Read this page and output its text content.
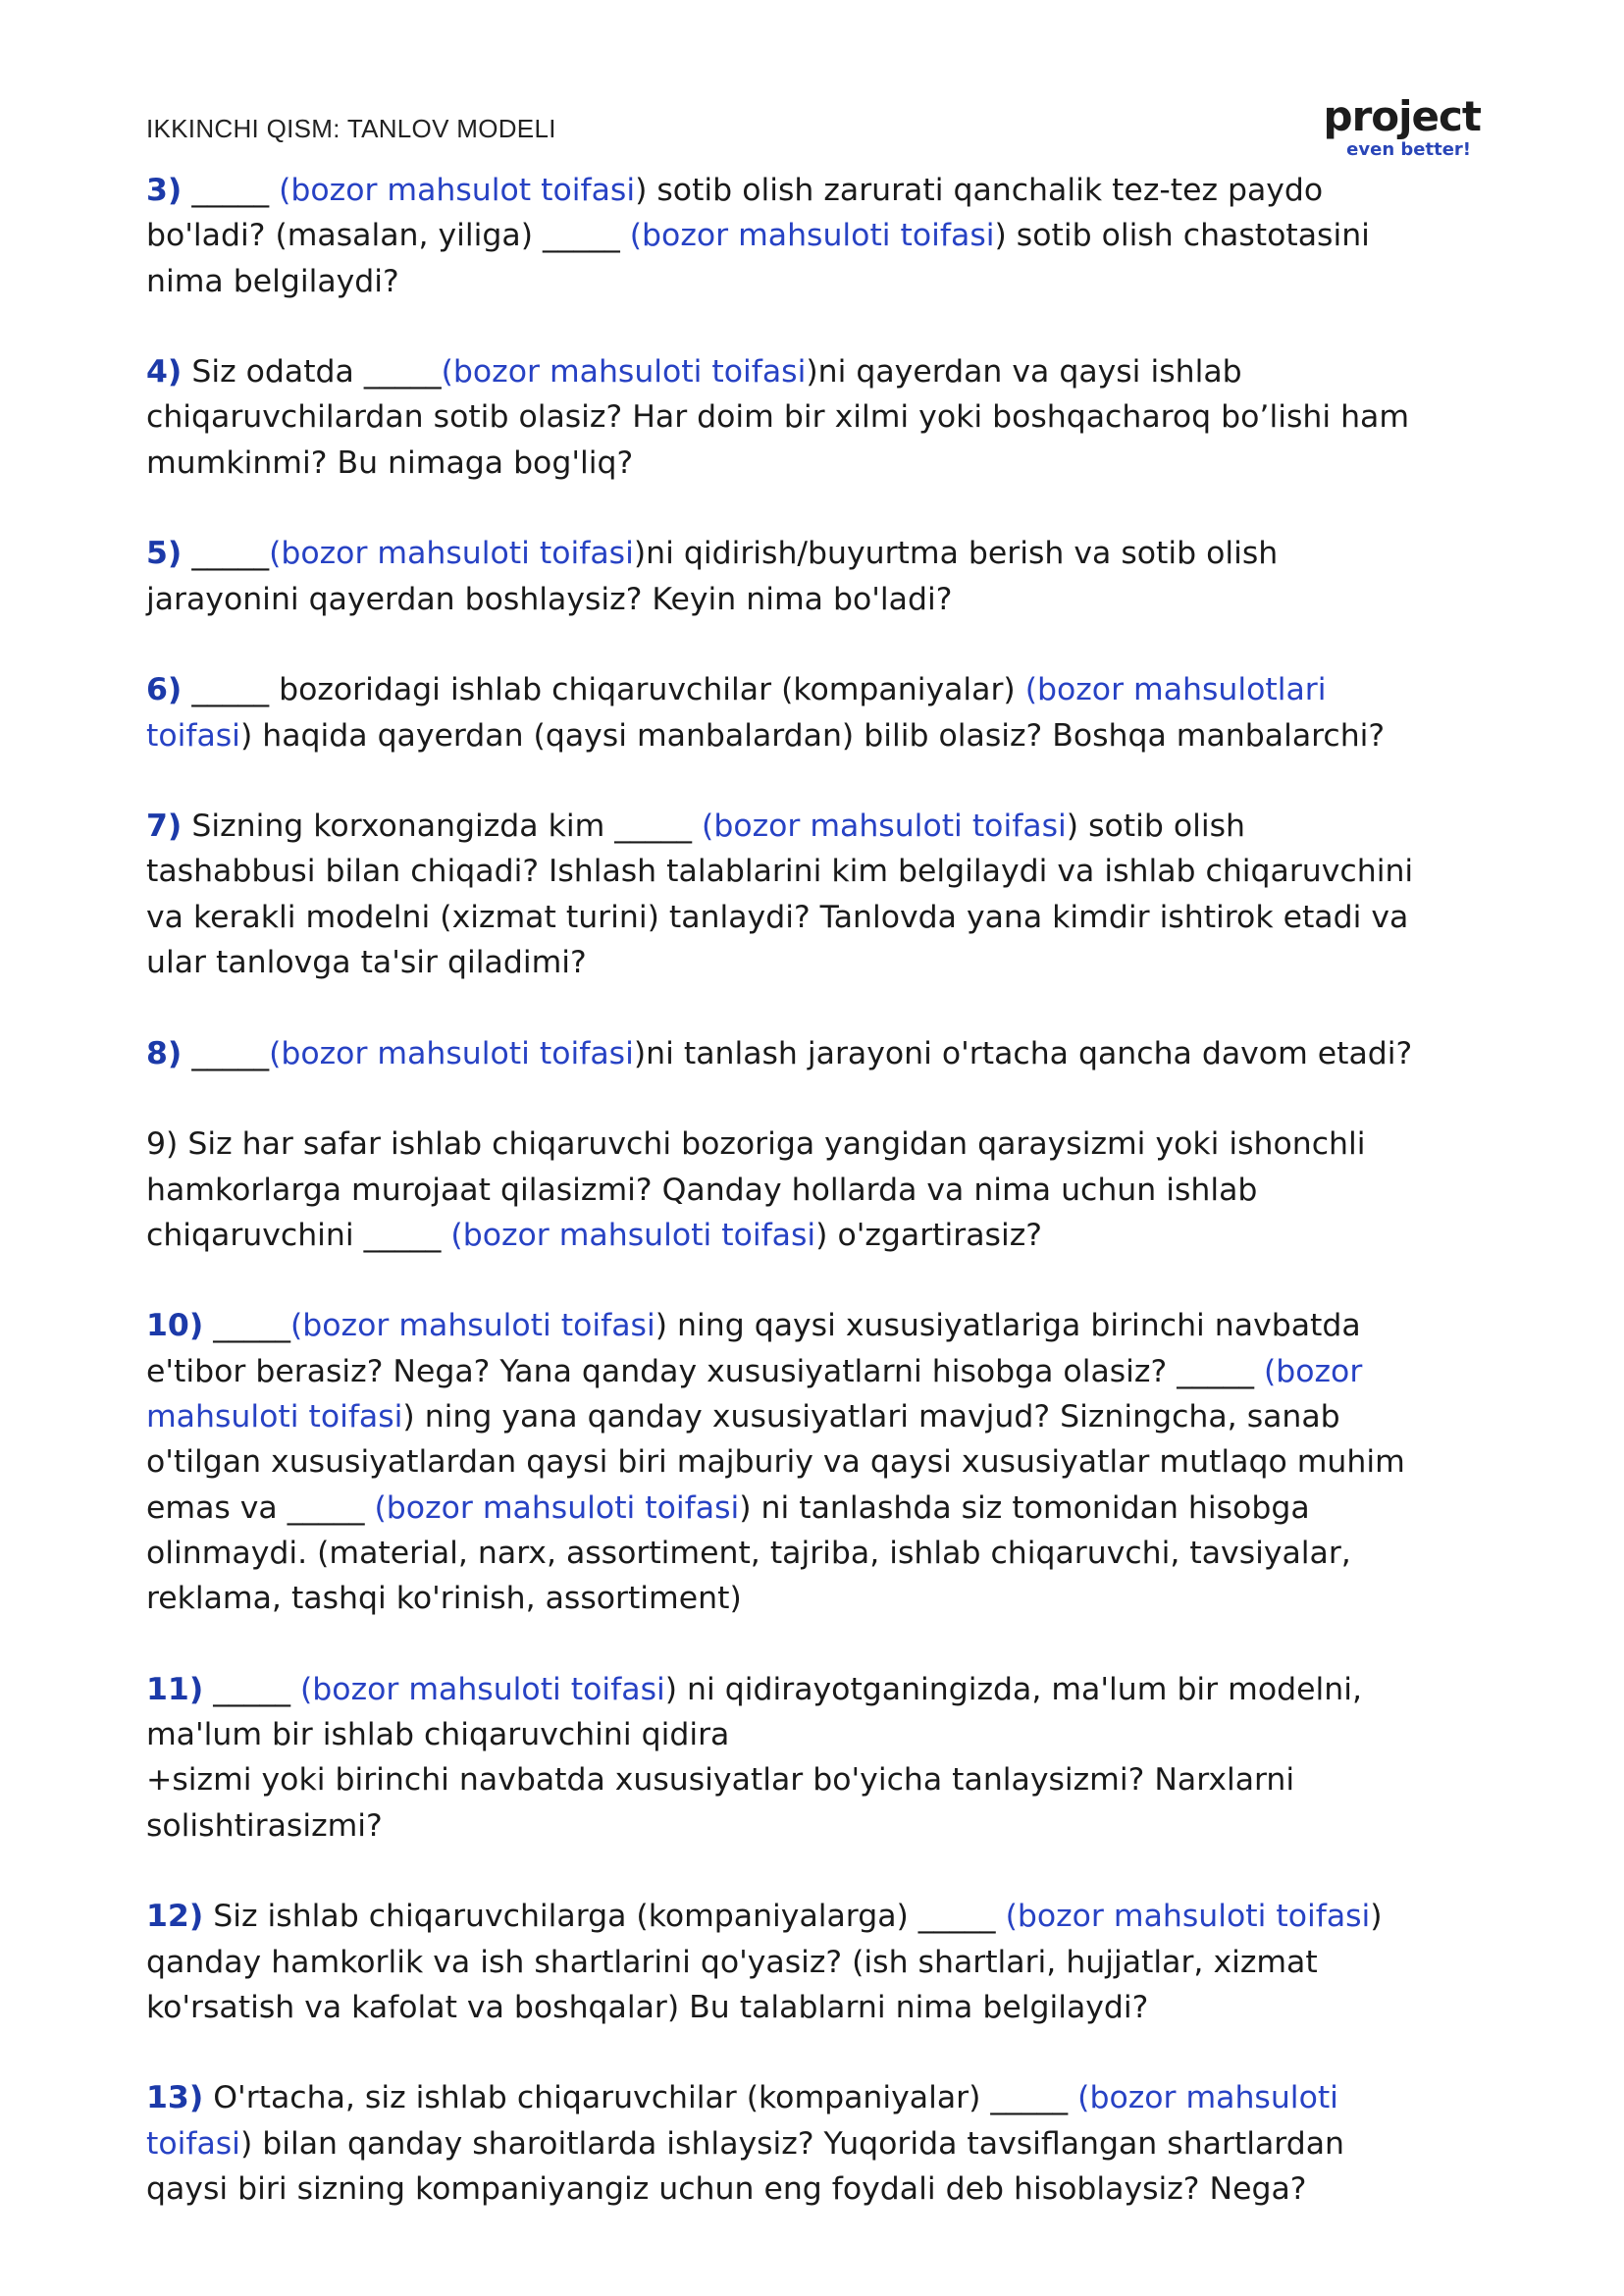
IKKINCHI QISM: TANLOV MODELI	project
even better!
3) _____ (bozor mahsulot toifasi) sotib olish zarurati qanchalik tez-tez paydo
bo'ladi? (masalan, yiliga) _____ (bozor mahsuloti toifasi) sotib olish chastotasini
nima belgilaydi?
4) Siz odatda _____(bozor mahsuloti toifasi)ni qayerdan va qaysi ishlab
chiqaruvchilardan sotib olasiz? Har doim bir xilmi yoki boshqacharoq bo’lishi ham
mumkinmi? Bu nimaga bog'liq?
5) _____(bozor mahsuloti toifasi)ni qidirish/buyurtma berish va sotib olish
jarayonini qayerdan boshlaysiz? Keyin nima bo'ladi?
6) _____ bozoridagi ishlab chiqaruvchilar (kompaniyalar) (bozor mahsulotlari
toifasi) haqida qayerdan (qaysi manbalardan) bilib olasiz? Boshqa manbalarchi?
7) Sizning korxonangizda kim _____ (bozor mahsuloti toifasi) sotib olish
tashabbusi bilan chiqadi? Ishlash talablarini kim belgilaydi va ishlab chiqaruvchini
va kerakli modelni (xizmat turini) tanlaydi? Tanlovda yana kimdir ishtirok etadi va
ular tanlovga ta'sir qiladimi?
8) _____(bozor mahsuloti toifasi)ni tanlash jarayoni o'rtacha qancha davom etadi?
9) Siz har safar ishlab chiqaruvchi bozoriga yangidan qaraysizmi yoki ishonchli
hamkorlarga murojaat qilasizmi? Qanday hollarda va nima uchun ishlab
chiqaruvchini _____ (bozor mahsuloti toifasi) o'zgartirasiz?
10) _____(bozor mahsuloti toifasi) ning qaysi xususiyatlariga birinchi navbatda
e'tibor berasiz? Nega? Yana qanday xususiyatlarni hisobga olasiz? _____ (bozor
mahsuloti toifasi) ning yana qanday xususiyatlari mavjud? Sizningcha, sanab
o'tilgan xususiyatlardan qaysi biri majburiy va qaysi xususiyatlar mutlaqo muhim
emas va _____ (bozor mahsuloti toifasi) ni tanlashda siz tomonidan hisobga
olinmaydi. (material, narx, assortiment, tajriba, ishlab chiqaruvchi, tavsiyalar,
reklama, tashqi ko'rinish, assortiment)
11) _____ (bozor mahsuloti toifasi) ni qidirayotganingizda, ma'lum bir modelni,
ma'lum bir ishlab chiqaruvchini qidira
+sizmi yoki birinchi navbatda xususiyatlar bo'yicha tanlaysizmi? Narxlarni
solishtirasizmi?
12) Siz ishlab chiqaruvchilarga (kompaniyalarga) _____ (bozor mahsuloti toifasi)
qanday hamkorlik va ish shartlarini qo'yasiz? (ish shartlari, hujjatlar, xizmat
ko'rsatish va kafolat va boshqalar) Bu talablarni nima belgilaydi?
13) O'rtacha, siz ishlab chiqaruvchilar (kompaniyalar) _____ (bozor mahsuloti
toifasi) bilan qanday sharoitlarda ishlaysiz? Yuqorida tavsiflangan shartlardan
qaysi biri sizning kompaniyangiz uchun eng foydali deb hisoblaysiz? Nega?
